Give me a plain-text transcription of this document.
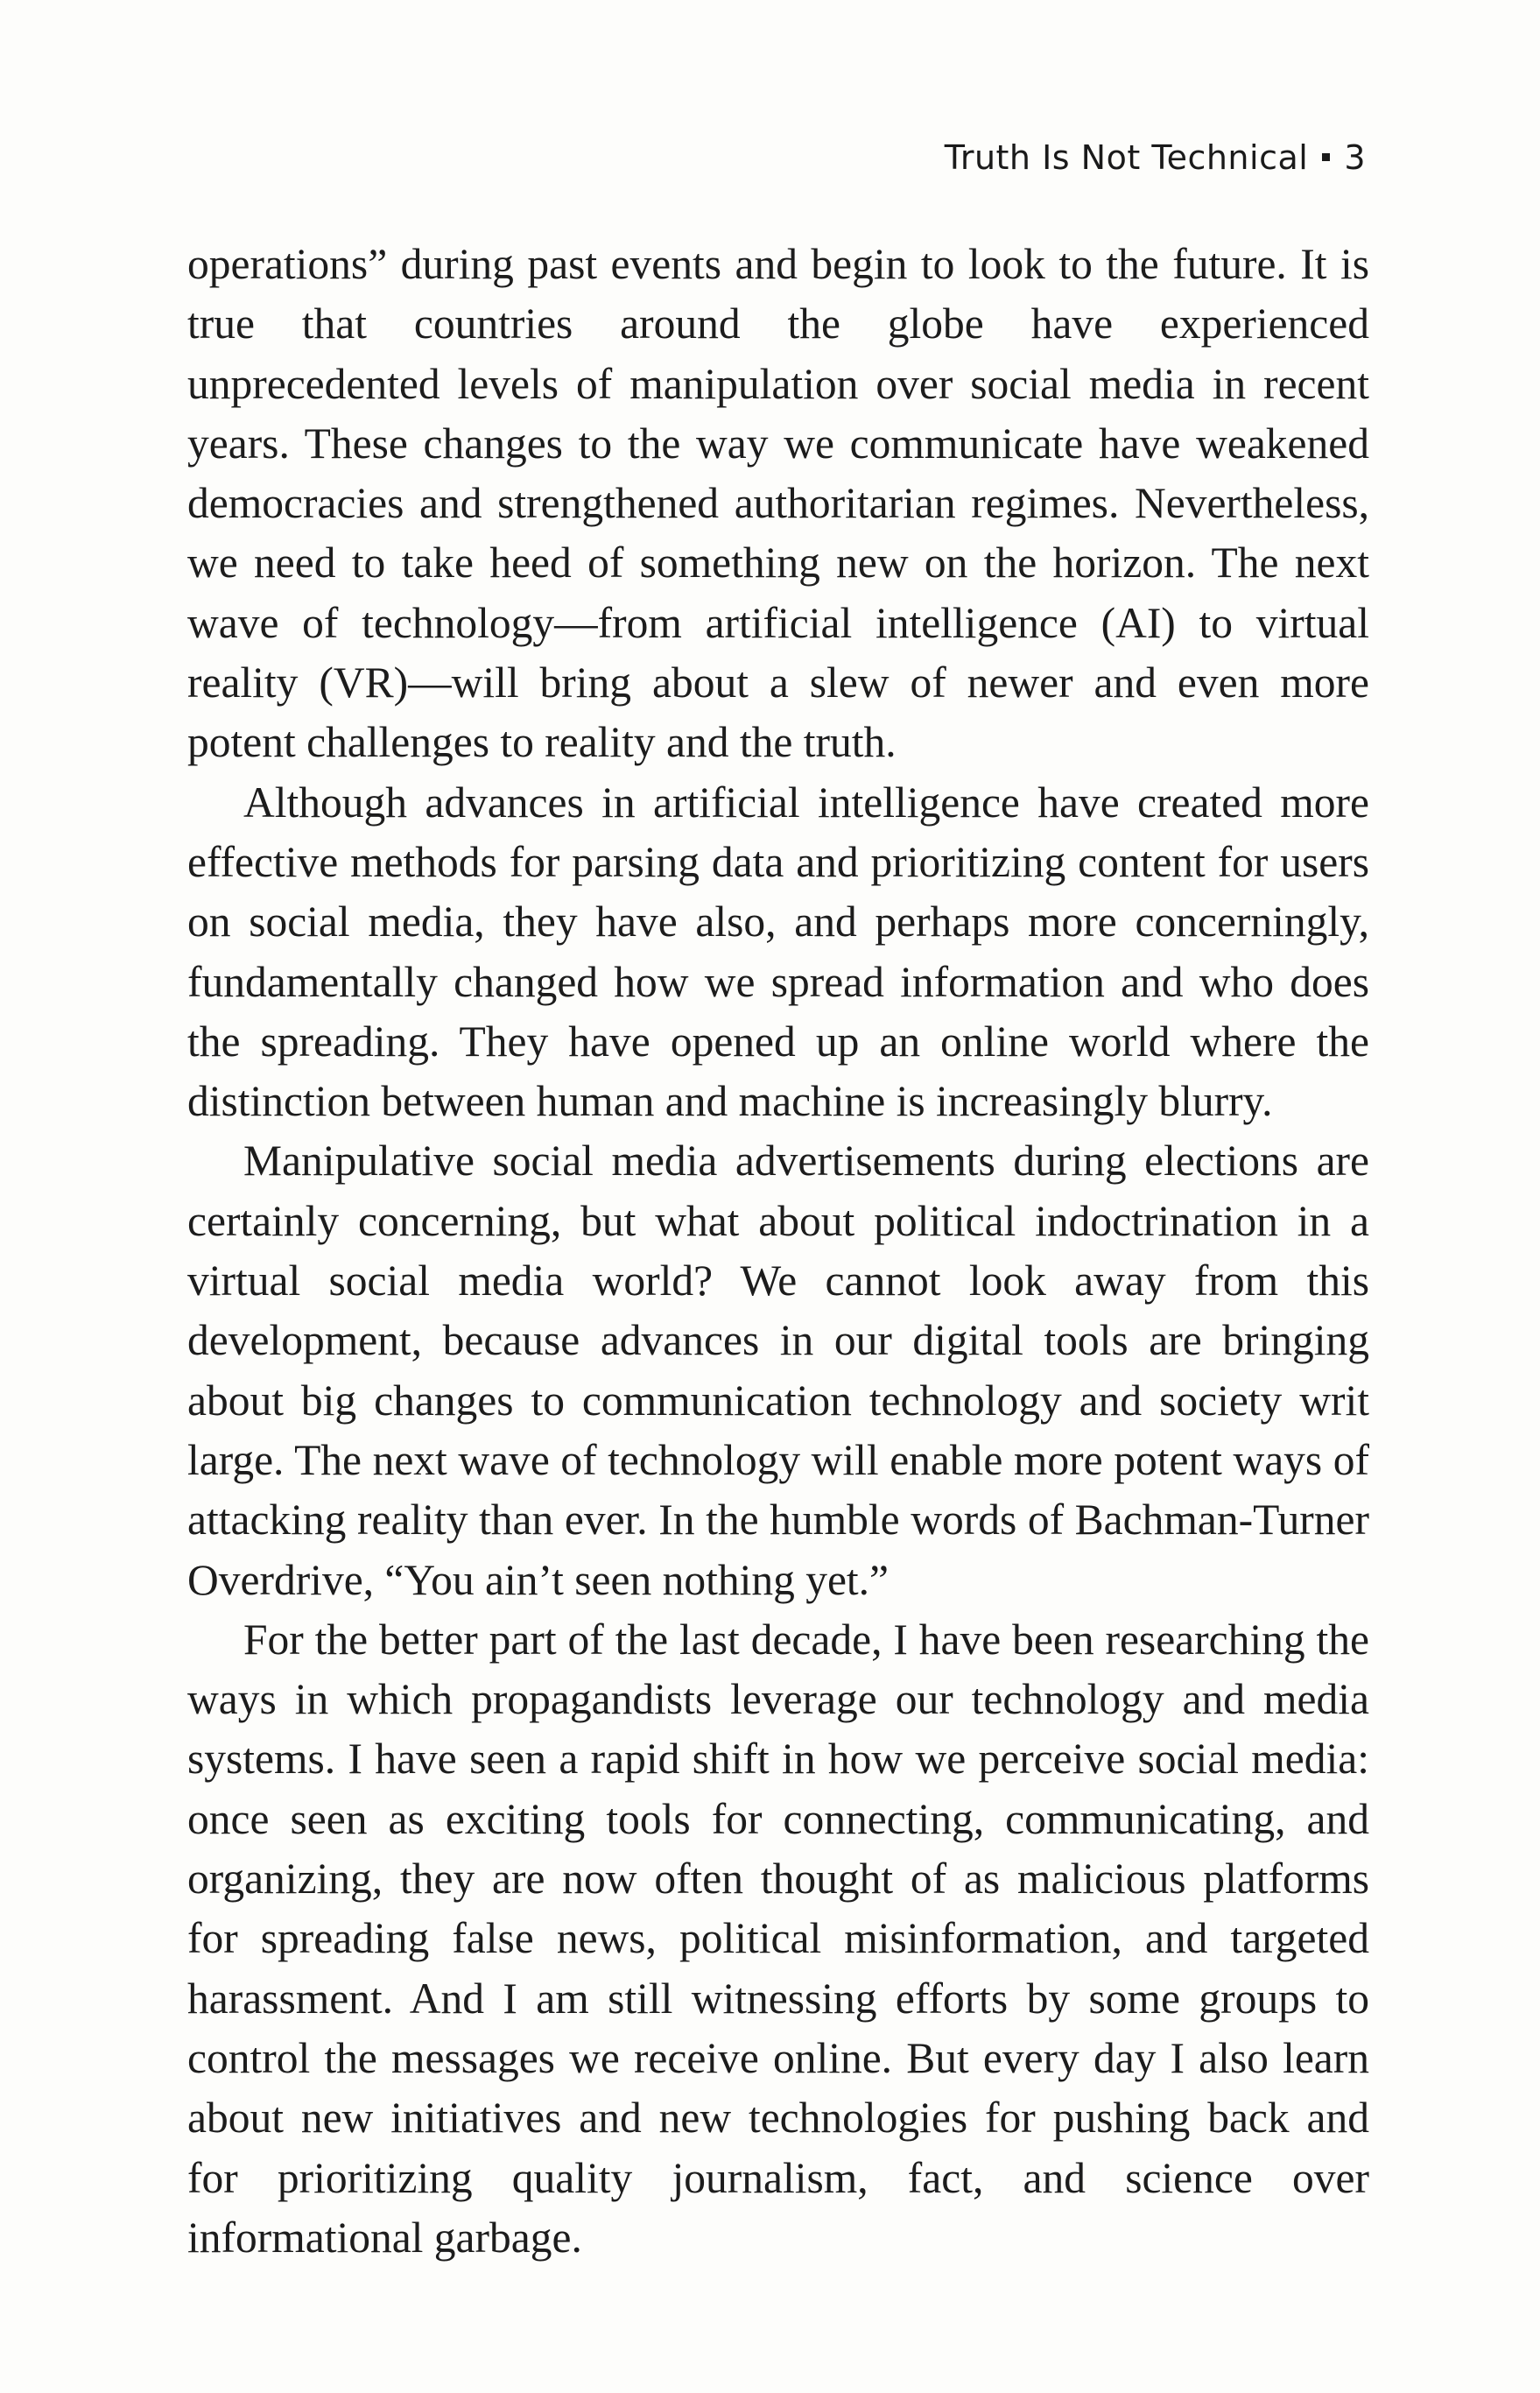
Truth Is Not Technical 3

operations” during past events and begin to look to the future. It is true that countries around the globe have experienced unprecedented levels of manipulation over social media in recent years. These changes to the way we communicate have weakened democracies and strengthened authoritarian regimes. Nevertheless, we need to take heed of something new on the horizon. The next wave of technology—from artificial intelligence (AI) to virtual reality (VR)—will bring about a slew of newer and even more potent challenges to reality and the truth.

Although advances in artificial intelligence have created more effective methods for parsing data and prioritizing content for users on social media, they have also, and perhaps more concerningly, fundamentally changed how we spread information and who does the spreading. They have opened up an online world where the distinction between human and machine is increasingly blurry.

Manipulative social media advertisements during elections are certainly concerning, but what about political indoctrination in a virtual social media world? We cannot look away from this development, because advances in our digital tools are bringing about big changes to communication technology and society writ large. The next wave of technology will enable more potent ways of attacking reality than ever. In the humble words of Bachman-Turner Overdrive, “You ain’t seen nothing yet.”

For the better part of the last decade, I have been researching the ways in which propagandists leverage our technology and media systems. I have seen a rapid shift in how we perceive social media: once seen as exciting tools for connecting, communicating, and organizing, they are now often thought of as malicious platforms for spreading false news, political misinformation, and targeted harassment. And I am still witnessing efforts by some groups to control the messages we receive online. But every day I also learn about new initiatives and new technologies for pushing back and for prioritizing quality journalism, fact, and science over informational garbage.
